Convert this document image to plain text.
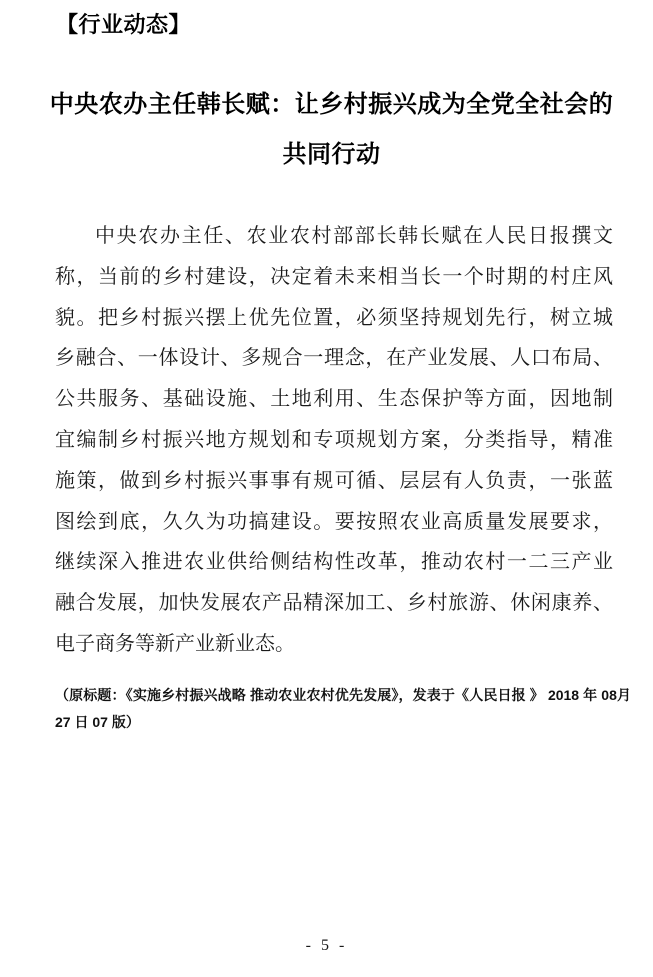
【行业动态】
中央农办主任韩长赋：让乡村振兴成为全党全社会的
共同行动
中央农办主任、农业农村部部长韩长赋在人民日报撰文
称，当前的乡村建设，决定着未来相当长一个时期的村庄风
貌。把乡村振兴摆上优先位置，必须坚持规划先行，树立城
乡融合、一体设计、多规合一理念，在产业发展、人口布局、
公共服务、基础设施、土地利用、生态保护等方面，因地制
宜编制乡村振兴地方规划和专项规划方案，分类指导，精准
施策，做到乡村振兴事事有规可循、层层有人负责，一张蓝
图绘到底，久久为功搞建设。要按照农业高质量发展要求，
继续深入推进农业供给侧结构性改革，推动农村一二三产业
融合发展，加快发展农产品精深加工、乡村旅游、休闲康养、
电子商务等新产业新业态。
（原标题：《实施乡村振兴战略 推动农业农村优先发展》，发表于《人民日报 》 2018 年 08月 27 日 07 版）
- 5 -
